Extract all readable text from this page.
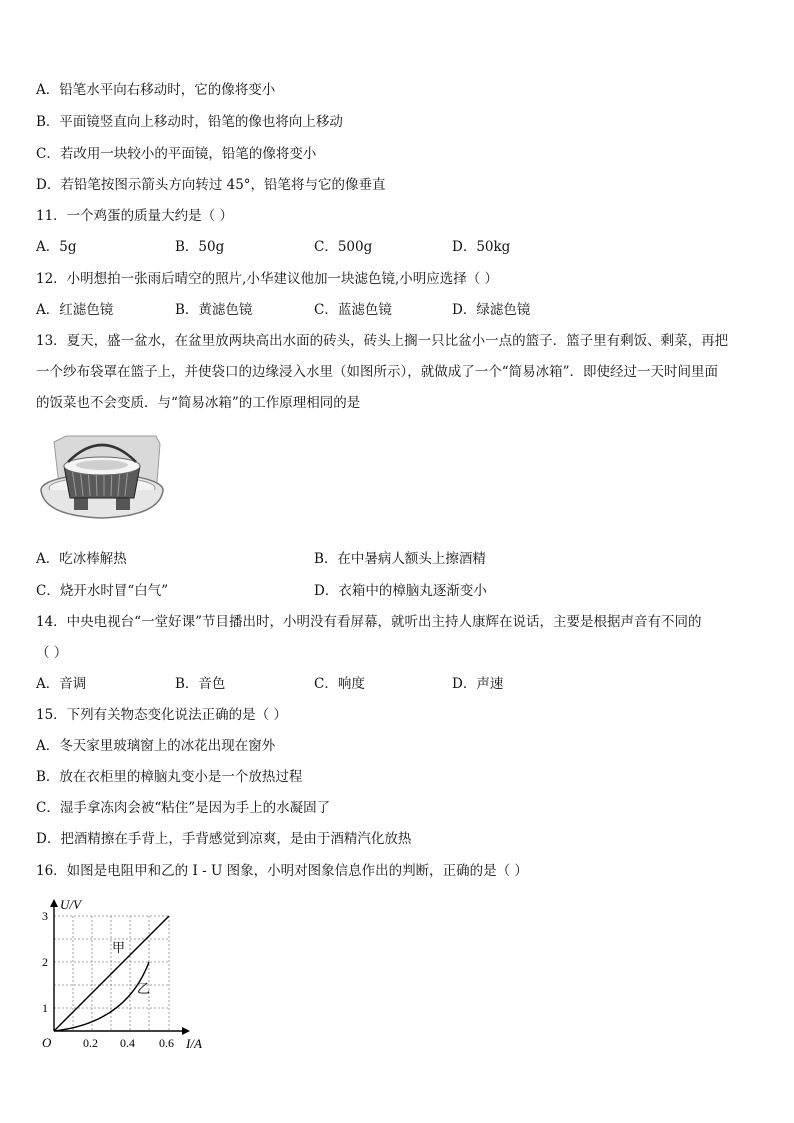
A．铅笔水平向右移动时，它的像将变小
B．平面镜竖直向上移动时，铅笔的像也将向上移动
C．若改用一块较小的平面镜，铅笔的像将变小
D．若铅笔按图示箭头方向转过 45°，铅笔将与它的像垂直
11．一个鸡蛋的质量大约是（ ）
A．5g	B．50g	C．500g	D．50kg
12．小明想拍一张雨后晴空的照片,小华建议他加一块滤色镜,小明应选择（ ）
A．红滤色镜	B．黄滤色镜	C．蓝滤色镜	D．绿滤色镜
13．夏天，盛一盆水，在盆里放两块高出水面的砖头，砖头上搁一只比盆小一点的篮子．篮子里有剩饭、剩菜，再把
一个纱布袋罩在篮子上，并使袋口的边缘浸入水里（如图所示），就做成了一个“简易冰箱”．即使经过一天时间里面
的饭菜也不会变质．与“简易冰箱”的工作原理相同的是
A．吃冰棒解热	B．在中暑病人额头上擦酒精
C．烧开水时冒“白气”	D．衣箱中的樟脑丸逐渐变小
14．中央电视台“一堂好课”节目播出时，小明没有看屏幕，就听出主持人康辉在说话，主要是根据声音有不同的
（ ）
A．音调	B．音色	C．响度	D．声速
15．下列有关物态变化说法正确的是（ ）
A．冬天家里玻璃窗上的冰花出现在窗外
B．放在衣柜里的樟脑丸变小是一个放热过程
C．湿手拿冻肉会被“粘住”是因为手上的水凝固了
D．把酒精擦在手背上，手背感觉到凉爽，是由于酒精汽化放热
16．如图是电阻甲和乙的 I - U 图象，小明对图象信息作出的判断，正确的是（ ）
U/V
I/A
O
1
2
3
0.2 0.4 0.6
甲
乙
